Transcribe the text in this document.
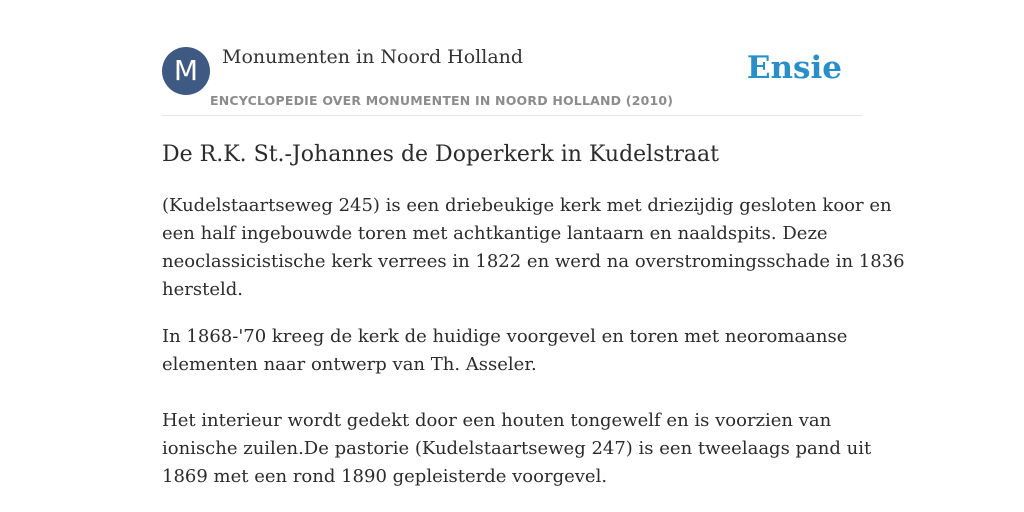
M	Monumenten in Noord Holland
ENCYCLOPEDIE OVER MONUMENTEN IN NOORD HOLLAND (2010)
Ensie
De R.K. St.-Johannes de Doperkerk in Kudelstraat

(Kudelstaartseweg 245) is een driebeukige kerk met driezijdig gesloten koor en
een half ingebouwde toren met achtkantige lantaarn en naaldspits. Deze
neoclassicistische kerk verrees in 1822 en werd na overstromingsschade in 1836
hersteld.

In 1868-'70 kreeg de kerk de huidige voorgevel en toren met neoromaanse
elementen naar ontwerp van Th. Asseler.
Het interieur wordt gedekt door een houten tongewelf en is voorzien van
ionische zuilen.De pastorie (Kudelstaartseweg 247) is een tweelaags pand uit
1869 met een rond 1890 gepleisterde voorgevel.
